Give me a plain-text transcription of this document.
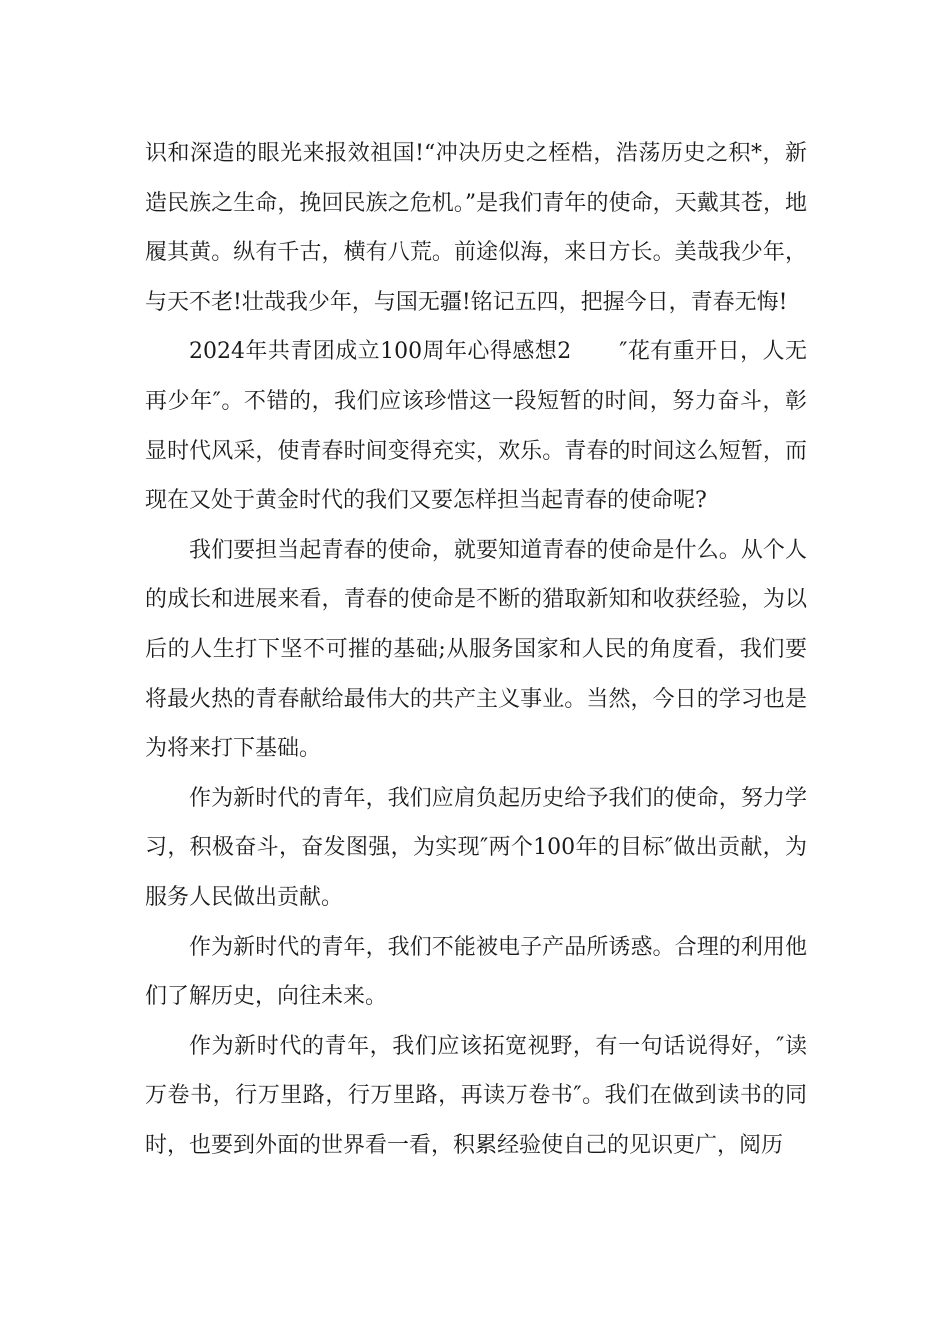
识和深造的眼光来报效祖国!“冲决历史之桎梏，浩荡历史之积*，新造民族之生命，挽回民族之危机。”是我们青年的使命，天戴其苍，地履其黄。纵有千古，横有八荒。前途似海，来日方长。美哉我少年，与天不老!壮哉我少年，与国无疆!铭记五四，把握今日，青春无悔!

2024年共青团成立100周年心得感想2 ″花有重开日，人无再少年″。不错的，我们应该珍惜这一段短暂的时间，努力奋斗，彰显时代风采，使青春时间变得充实，欢乐。青春的时间这么短暂，而现在又处于黄金时代的我们又要怎样担当起青春的使命呢?

我们要担当起青春的使命，就要知道青春的使命是什么。从个人的成长和进展来看，青春的使命是不断的猎取新知和收获经验，为以后的人生打下坚不可摧的基础;从服务国家和人民的角度看，我们要将最火热的青春献给最伟大的共产主义事业。当然，今日的学习也是为将来打下基础。

作为新时代的青年，我们应肩负起历史给予我们的使命，努力学习，积极奋斗，奋发图强，为实现″两个100年的目标″做出贡献，为服务人民做出贡献。

作为新时代的青年，我们不能被电子产品所诱惑。合理的利用他们了解历史，向往未来。

作为新时代的青年，我们应该拓宽视野，有一句话说得好，″读万卷书，行万里路，行万里路，再读万卷书″。我们在做到读书的同时，也要到外面的世界看一看，积累经验使自己的见识更广，阅历
